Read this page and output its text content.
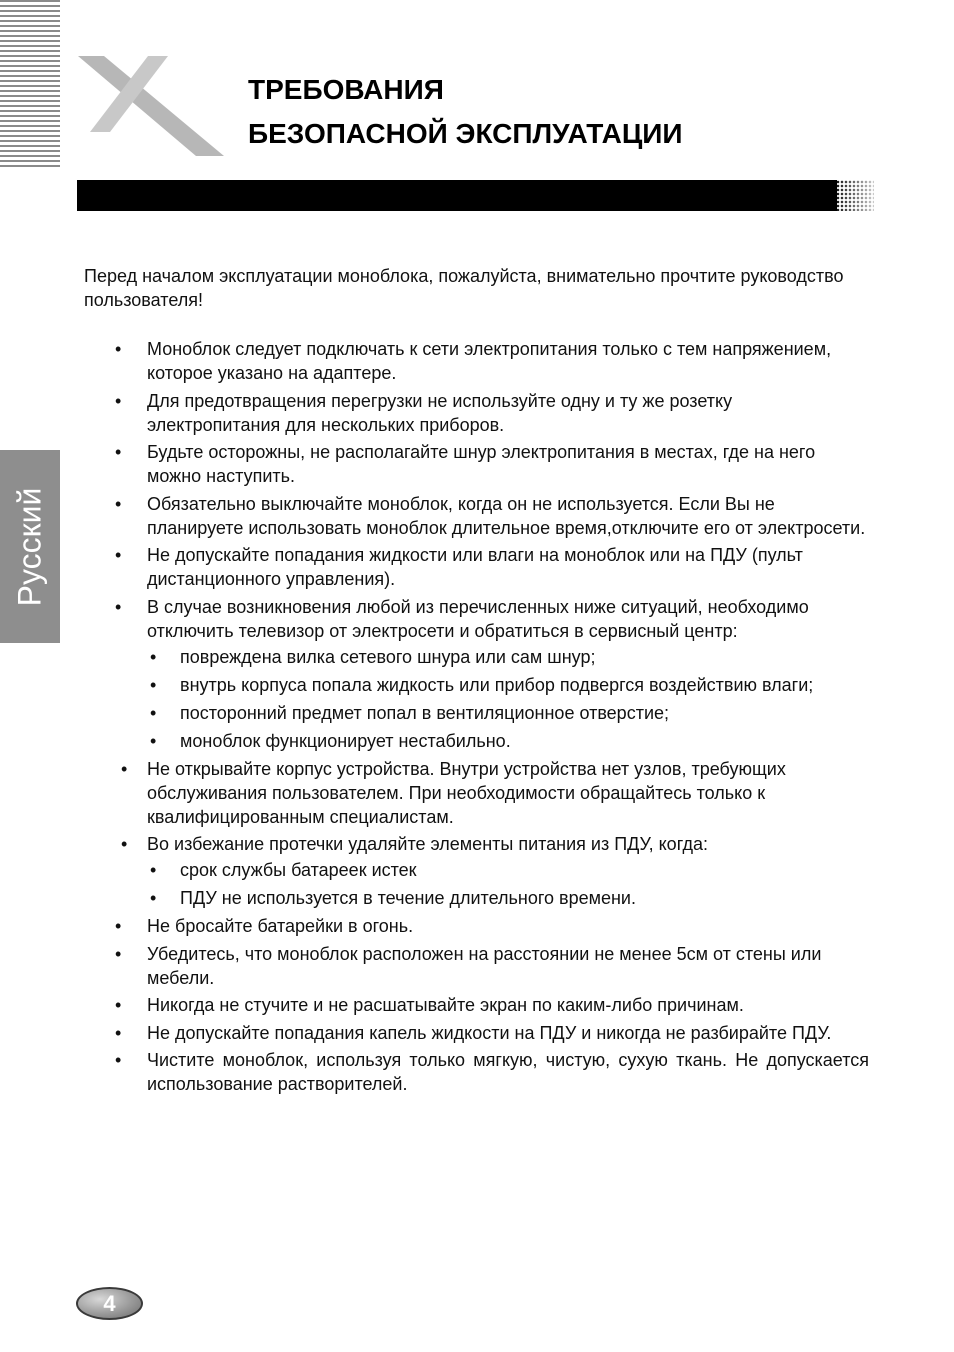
ТРЕБОВАНИЯ
БЕЗОПАСНОЙ ЭКСПЛУАТАЦИИ
Русский

Перед началом эксплуатации моноблока, пожалуйста, внимательно прочтите руководство пользователя!

• Моноблок следует подключать к сети электропитания только с тем напряжением, которое указано на адаптере.
• Для предотвращения перегрузки не используйте одну и ту же розетку электропитания для нескольких приборов.
• Будьте осторожны, не располагайте шнур электропитания в местах, где на него можно наступить.
• Обязательно выключайте моноблок, когда он не используется. Если Вы не планируете использовать моноблок длительное время,отключите его от электросети.
• Не допускайте попадания жидкости или влаги на моноблок или на ПДУ (пульт дистанционного управления).
• В случае возникновения любой из перечисленных ниже ситуаций, необходимо отключить телевизор от электросети и обратиться в сервисный центр:
• повреждена вилка сетевого шнура или сам шнур;
• внутрь корпуса попала жидкость или прибор подвергся воздействию влаги;
• посторонний предмет попал в вентиляционное отверстие;
• моноблок функционирует нестабильно.
• Не открывайте корпус устройства. Внутри устройства нет узлов, требующих обслуживания пользователем. При необходимости обращайтесь только к квалифицированным специалистам.
• Во избежание протечки удаляйте элементы питания из ПДУ, когда:
• срок службы батареек истек
• ПДУ не используется в течение длительного времени.
• Не бросайте батарейки в огонь.
• Убедитесь, что моноблок расположен на расстоянии не менее 5см от стены или мебели.
• Никогда не стучите и не расшатывайте экран по каким-либо причинам.
• Не допускайте попадания капель жидкости на ПДУ и никогда не разбирайте ПДУ.
• Чистите моноблок, используя только мягкую, чистую, сухую ткань. Не допускается использование растворителей.
4
